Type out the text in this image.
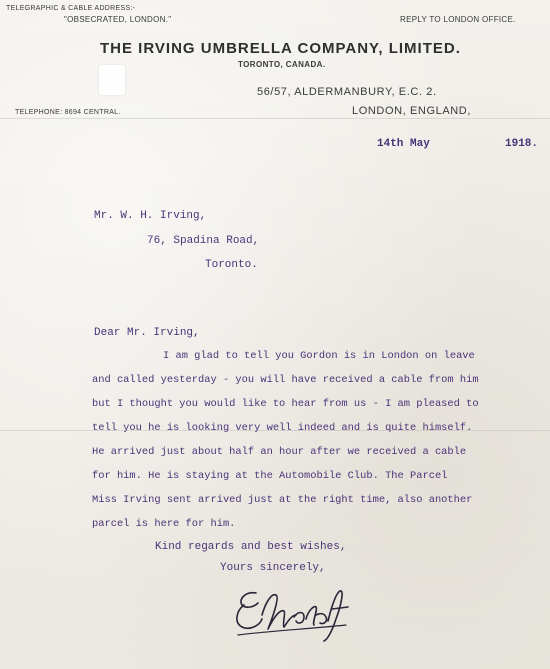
TELEGRAPHIC & CABLE ADDRESS:-
"OBSECRATED, LONDON."	REPLY TO LONDON OFFICE.
THE IRVING UMBRELLA COMPANY, LIMITED.
TORONTO, CANADA.
56/57, ALDERMANBURY, E.C. 2.
LONDON, ENGLAND,
TELEPHONE: 8694 CENTRAL.
14th May	1918.
Mr. W. H. Irving,
76, Spadina Road,
Toronto.
Dear Mr. Irving,
I am glad to tell you Gordon is in London on leave
and called yesterday - you will have received a cable from him
but I thought you would like to hear from us - I am pleased to
tell you he is looking very well indeed and is quite himself.
He arrived just about half an hour after we received a cable
for him. He is staying at the Automobile Club. The Parcel
Miss Irving sent arrived just at the right time, also another
parcel is here for him.
Kind regards and best wishes,
Yours sincerely,
